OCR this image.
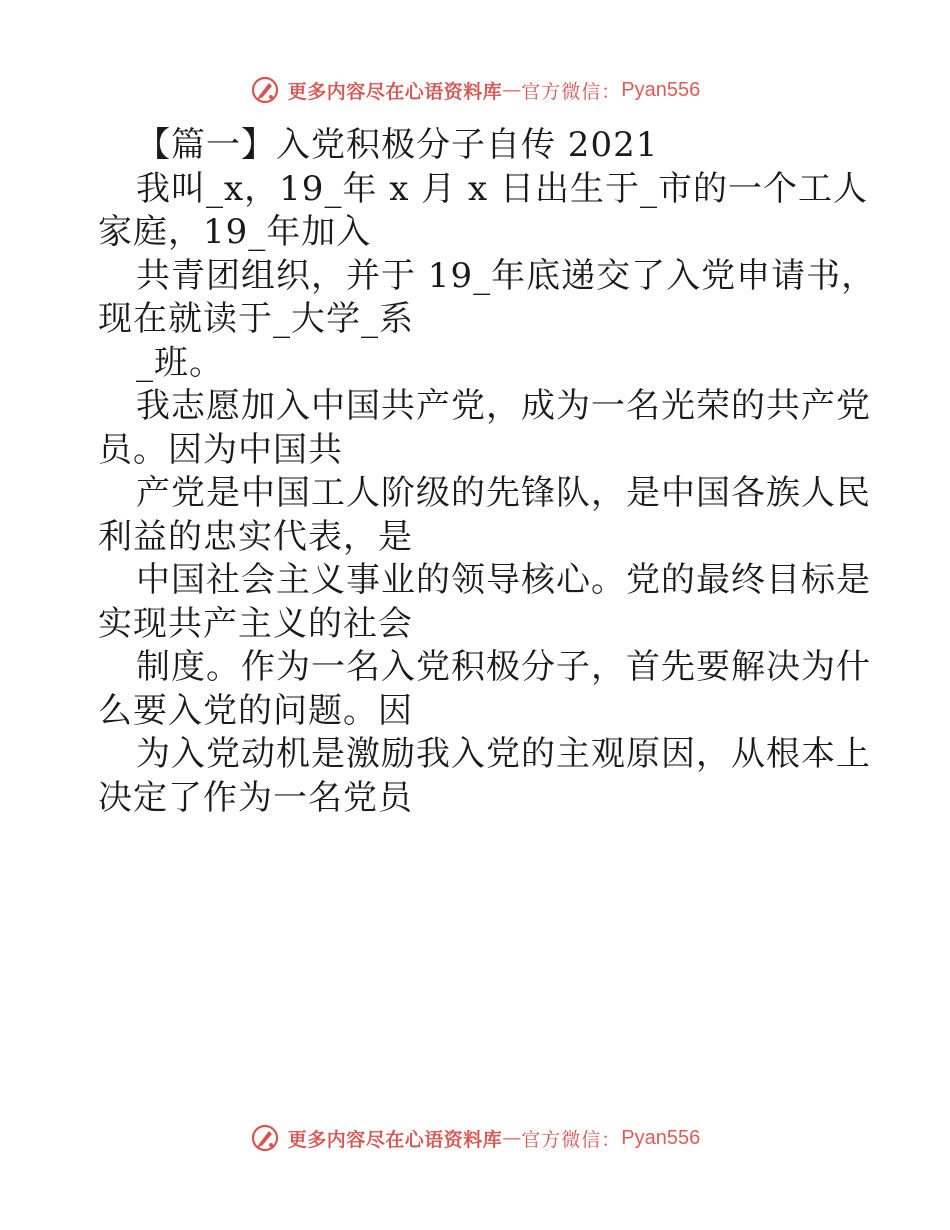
更多内容尽在心语资料库 — 官方微信： Pyan556
【篇一】入党积极分子自传 2021
我叫_x，19_年 x 月 x 日出生于_市的一个工人
家庭，19_年加入
共青团组织，并于 19_年底递交了入党申请书，
现在就读于_大学_系
_班。
我志愿加入中国共产党，成为一名光荣的共产党
员。因为中国共
产党是中国工人阶级的先锋队，是中国各族人民
利益的忠实代表，是
中国社会主义事业的领导核心。党的最终目标是
实现共产主义的社会
制度。作为一名入党积极分子，首先要解决为什
么要入党的问题。因
为入党动机是激励我入党的主观原因，从根本上
决定了作为一名党员
更多内容尽在心语资料库 — 官方微信： Pyan556
